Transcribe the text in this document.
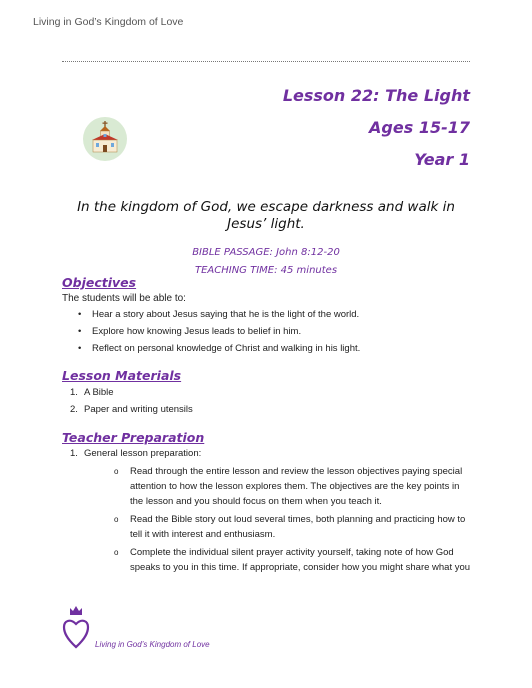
Living in God’s Kingdom of Love
Lesson 22: The Light
Ages 15-17
Year 1
In the kingdom of God, we escape darkness and walk in Jesus’ light.
BIBLE PASSAGE: John 8:12-20
TEACHING TIME: 45 minutes
Objectives
The students will be able to:
• Hear a story about Jesus saying that he is the light of the world.
• Explore how knowing Jesus leads to belief in him.
• Reflect on personal knowledge of Christ and walking in his light.
Lesson Materials
1. A Bible
2. Paper and writing utensils
Teacher Preparation
1. General lesson preparation:
o Read through the entire lesson and review the lesson objectives paying special attention to how the lesson explores them. The objectives are the key points in the lesson and you should focus on them when you teach it.
o Read the Bible story out loud several times, both planning and practicing how to tell it with interest and enthusiasm.
o Complete the individual silent prayer activity yourself, taking note of how God speaks to you in this time. If appropriate, consider how you might share what you
Living in God’s Kingdom of Love
